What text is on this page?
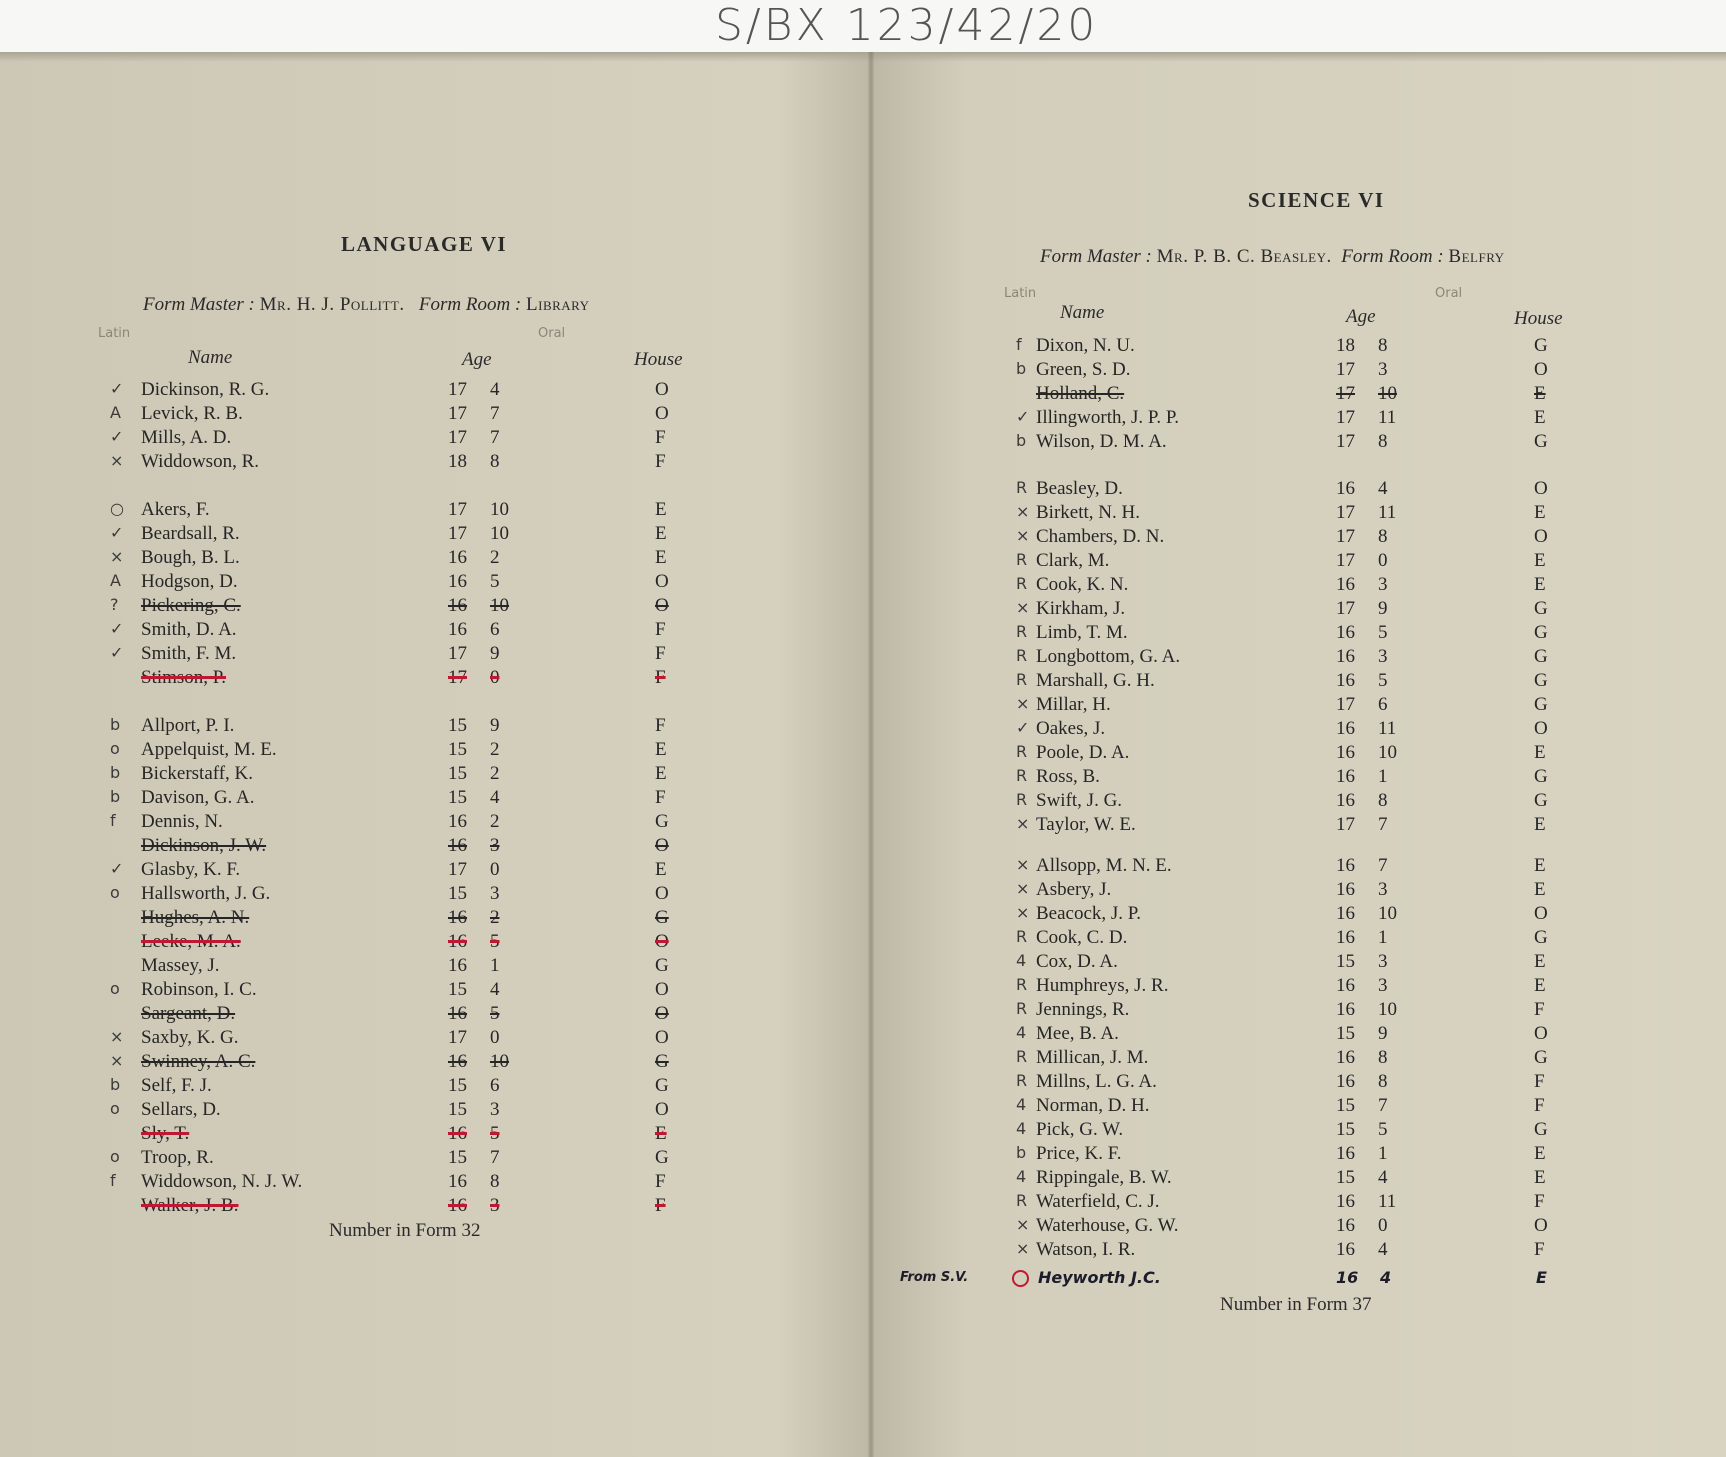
S/BX 123/42/20
LANGUAGE VI
Form Master : Mr. H. J. Pollitt. Form Room : Library
Latin	Oral
Name	Age	House
✓ Dickinson, R. G.	17 4	O
A Levick, R. B.	17 7	O
✓ Mills, A. D.	17 7	F
× Widdowson, R.	18 8	F
○ Akers, F.	17 10	E
✓ Beardsall, R.	17 10	E
× Bough, B. L.	16 2	E
A Hodgson, D.	16 5	O
? Pickering, C.	16 10	O
✓ Smith, D. A.	16 6	F
✓ Smith, F. M.	17 9	F
Stimson, P.	17 0	F
b Allport, P. I.	15 9	F
o Appelquist, M. E.	15 2	E
b Bickerstaff, K.	15 2	E
b Davison, G. A.	15 4	F
f Dennis, N.	16 2	G
Dickinson, J. W.	16 3	O
✓ Glasby, K. F.	17 0	E
o Hallsworth, J. G.	15 3	O
Hughes, A. N.	16 2	G
Leeke, M. A.	16 5	O
Massey, J.	16 1	G
o Robinson, I. C.	15 4	O
Sargeant, D.	16 5	O
× Saxby, K. G.	17 0	O
× Swinney, A. C.	16 10	G
b Self, F. J.	15 6	G
o Sellars, D.	15 3	O
Sly, T.	16 5	E
o Troop, R.	15 7	G
f Widdowson, N. J. W.	16 8	F
Walker, J. B.	16 3	F
Number in Form 32
SCIENCE VI
Form Master : Mr. P. B. C. Beasley. Form Room : Belfry
Latin	Oral
Name	Age	House
f Dixon, N. U.	18 8	G
b Green, S. D.	17 3	O
Holland, C.	17 10	E
✓ Illingworth, J. P. P.	17 11	E
b Wilson, D. M. A.	17 8	G
R Beasley, D.	16 4	O
× Birkett, N. H.	17 11	E
× Chambers, D. N.	17 8	O
R Clark, M.	17 0	E
R Cook, K. N.	16 3	E
× Kirkham, J.	17 9	G
R Limb, T. M.	16 5	G
R Longbottom, G. A.	16 3	G
R Marshall, G. H.	16 5	G
× Millar, H.	17 6	G
✓ Oakes, J.	16 11	O
R Poole, D. A.	16 10	E
R Ross, B.	16 1	G
R Swift, J. G.	16 8	G
× Taylor, W. E.	17 7	E
× Allsopp, M. N. E.	16 7	E
× Asbery, J.	16 3	E
× Beacock, J. P.	16 10	O
R Cook, C. D.	16 1	G
4 Cox, D. A.	15 3	E
R Humphreys, J. R.	16 3	E
R Jennings, R.	16 10	F
4 Mee, B. A.	15 9	O
R Millican, J. M.	16 8	G
R Millns, L. G. A.	16 8	F
4 Norman, D. H.	15 7	F
4 Pick, G. W.	15 5	G
b Price, K. F.	16 1	E
4 Rippingale, B. W.	15 4	E
R Waterfield, C. J.	16 11	F
× Waterhouse, G. W.	16 0	O
× Watson, I. R.	16 4	F
From S.V.	Heyworth J.C.	16 4	E
Number in Form 37
